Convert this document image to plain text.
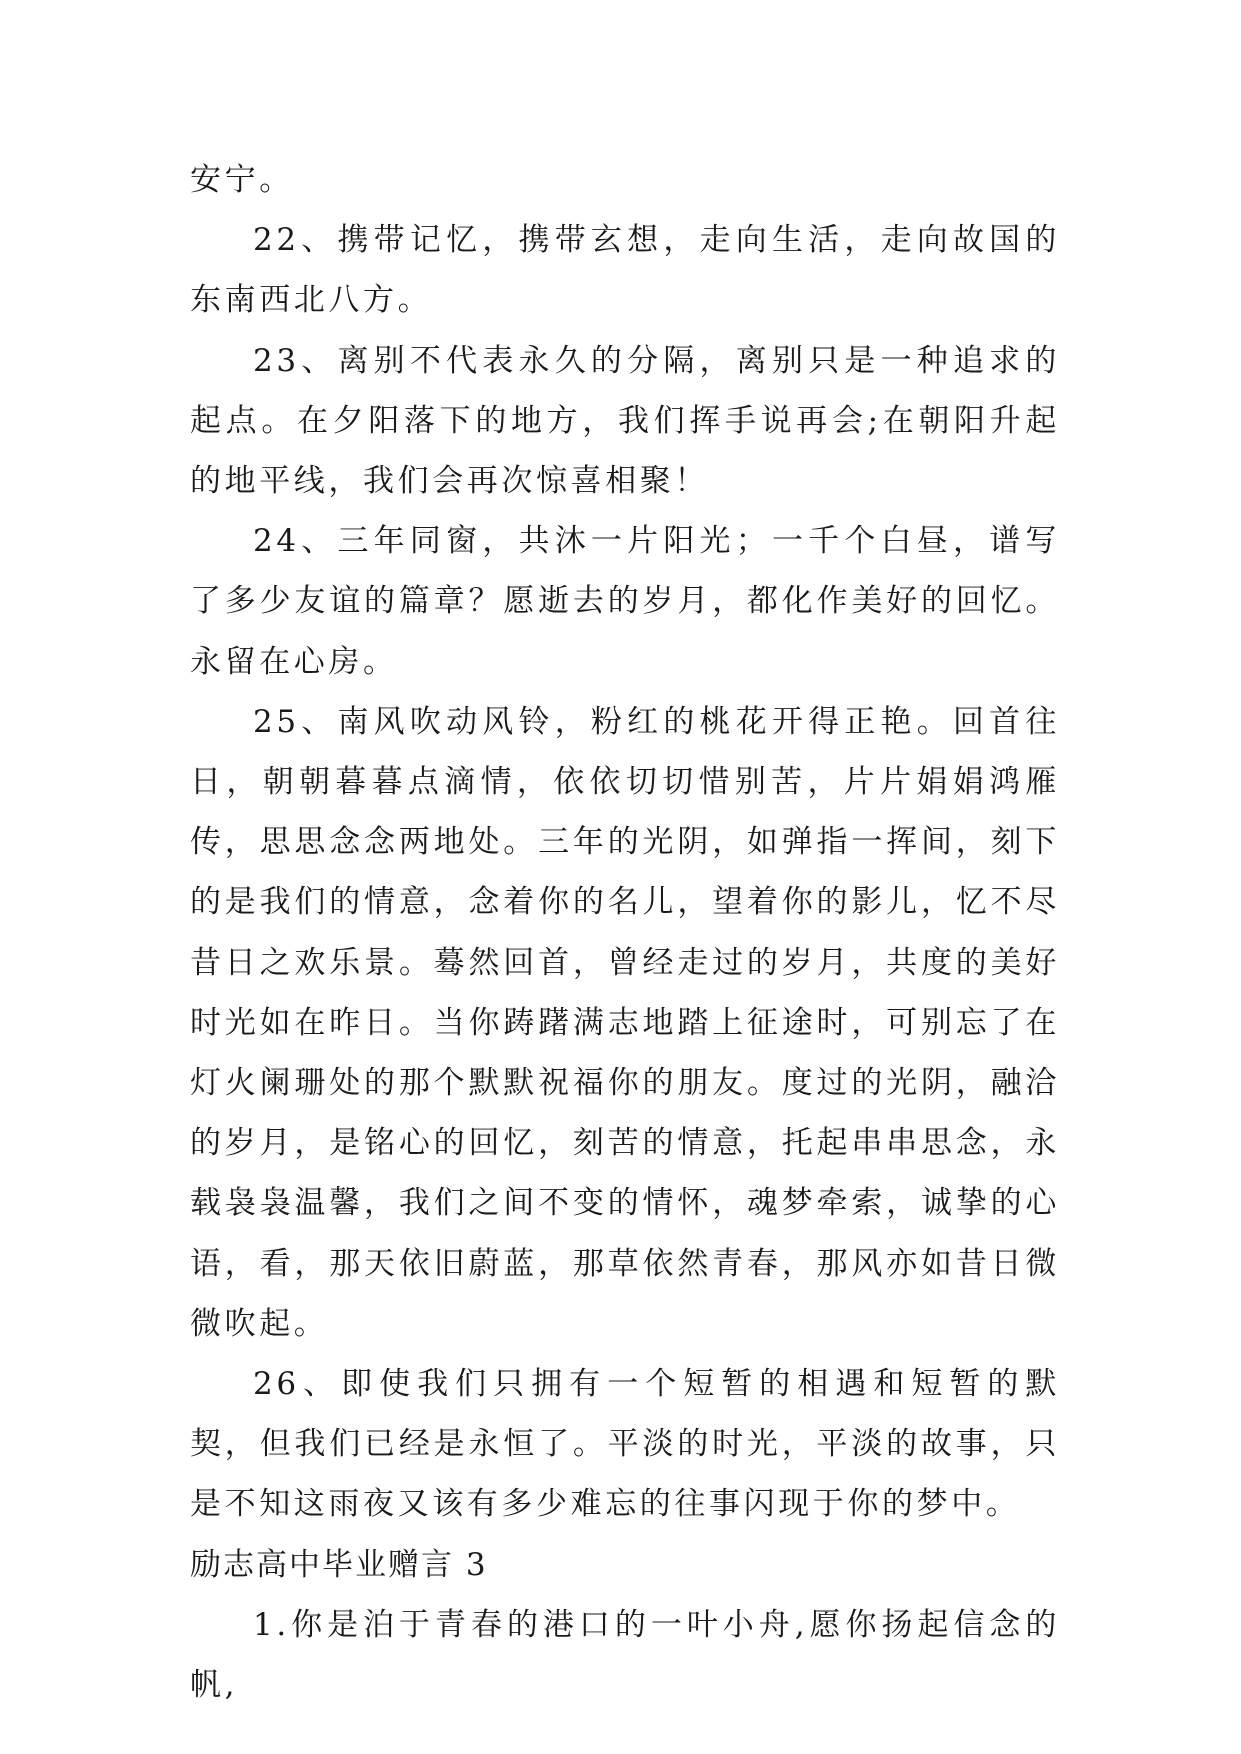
安宁。

22、携带记忆，携带玄想，走向生活，走向故国的东南西北八方。

23、离别不代表永久的分隔，离别只是一种追求的起点。在夕阳落下的地方，我们挥手说再会;在朝阳升起的地平线，我们会再次惊喜相聚！

24、三年同窗，共沐一片阳光；一千个白昼，谱写了多少友谊的篇章？愿逝去的岁月，都化作美好的回忆。永留在心房。

25、南风吹动风铃，粉红的桃花开得正艳。回首往日，朝朝暮暮点滴情，依依切切惜别苦，片片娟娟鸿雁传，思思念念两地处。三年的光阴，如弹指一挥间，刻下的是我们的情意，念着你的名儿，望着你的影儿，忆不尽昔日之欢乐景。蓦然回首，曾经走过的岁月，共度的美好时光如在昨日。当你踌躇满志地踏上征途时，可别忘了在灯火阑珊处的那个默默祝福你的朋友。度过的光阴，融洽的岁月，是铭心的回忆，刻苦的情意，托起串串思念，永载袅袅温馨，我们之间不变的情怀，魂梦牵索，诚挚的心语，看，那天依旧蔚蓝，那草依然青春，那风亦如昔日微微吹起。

26、即使我们只拥有一个短暂的相遇和短暂的默契，但我们已经是永恒了。平淡的时光，平淡的故事，只是不知这雨夜又该有多少难忘的往事闪现于你的梦中。

励志高中毕业赠言 3

1.你是泊于青春的港口的一叶小舟,愿你扬起信念的帆,
